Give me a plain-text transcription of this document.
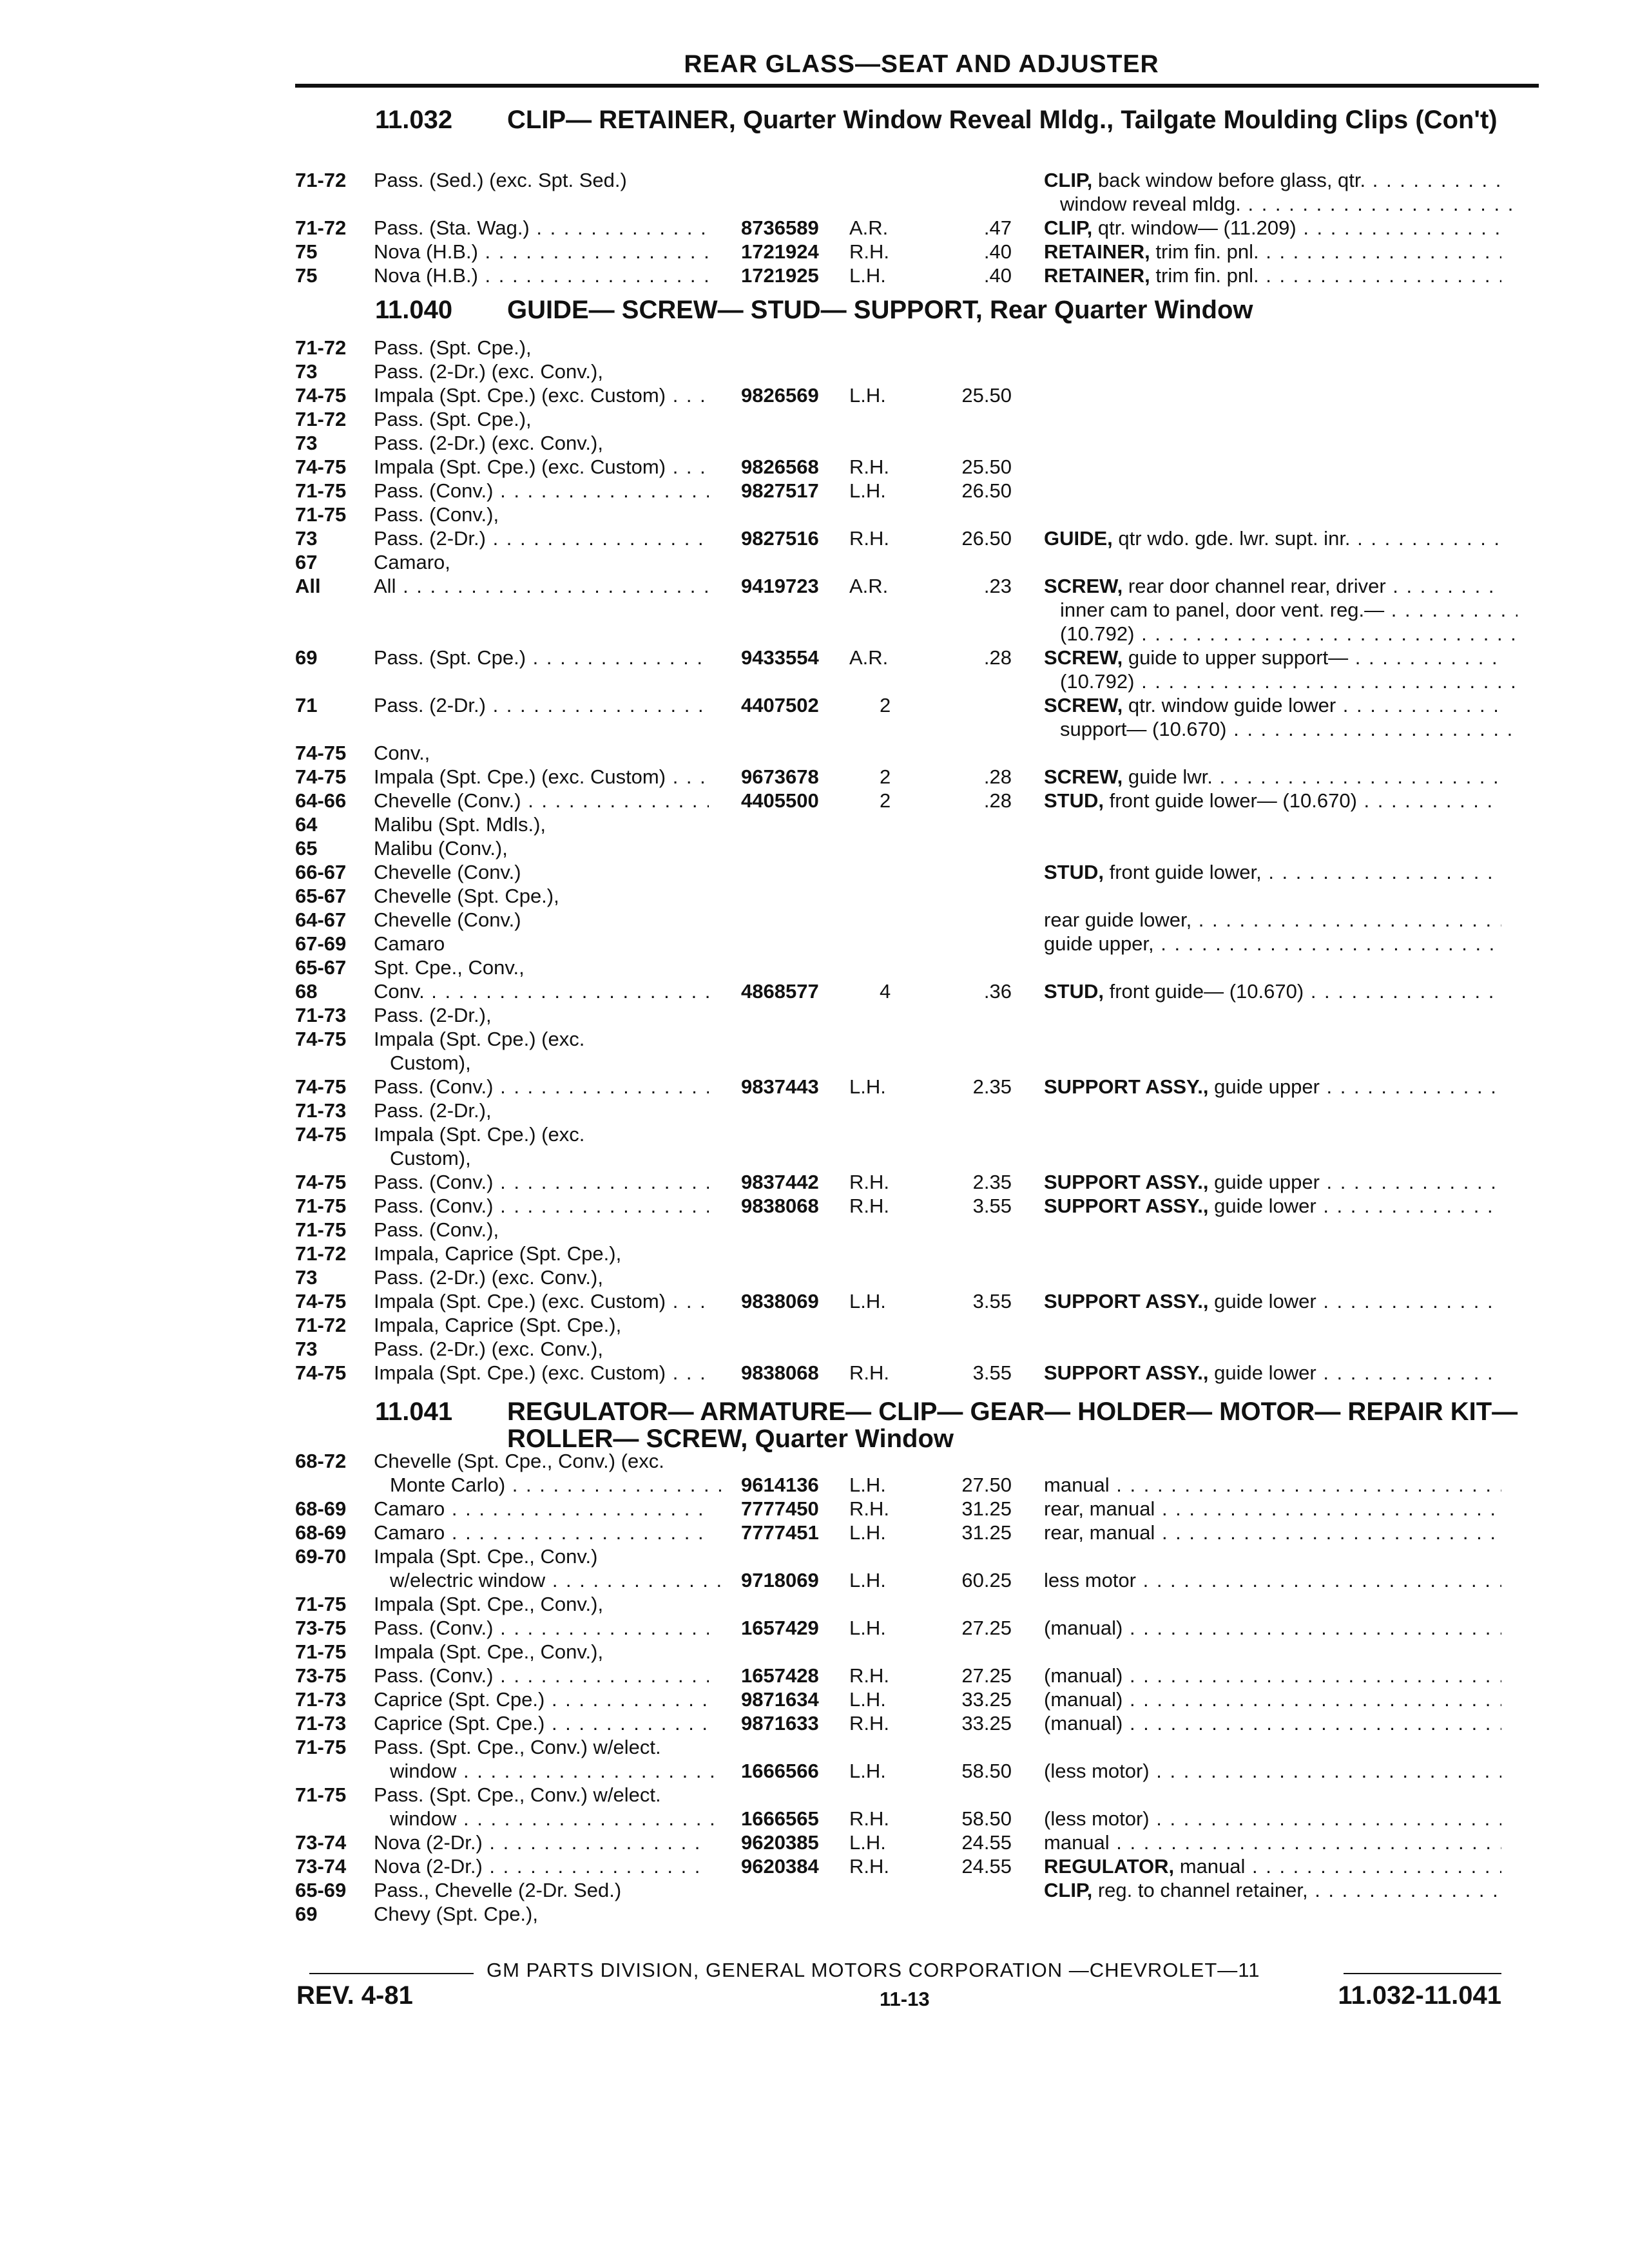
REAR GLASS—SEAT AND ADJUSTER
11.032 CLIP— RETAINER, Quarter Window Reveal Mldg., Tailgate Moulding Clips (Con't)
11.040 GUIDE— SCREW— STUD— SUPPORT, Rear Quarter Window
11.041 REGULATOR— ARMATURE— CLIP— GEAR— HOLDER— MOTOR— REPAIR KIT— ROLLER— SCREW, Quarter Window
71-72 Pass. (Sed.) (exc. Spt. Sed.)	CLIP, back window before glass, qtr. . . .
window reveal mldg. . . .
71-72 Pass. (Sta. Wag.) . . .	8736589 A.R.	.47 CLIP, qtr. window— (11.209) . . .
75	Nova (H.B.) . . .	1721924 R.H.	.40 RETAINER, trim fin. pnl. . . .
75	Nova (H.B.) . . .	1721925 L.H.	.40 RETAINER, trim fin. pnl. . . .
71-72 Pass. (Spt. Cpe.),
73	Pass. (2-Dr.) (exc. Conv.),
74-75 Impala (Spt. Cpe.) (exc. Custom) . . .	9826569 L.H.	25.50
71-72 Pass. (Spt. Cpe.),
73	Pass. (2-Dr.) (exc. Conv.),
74-75 Impala (Spt. Cpe.) (exc. Custom) . . .	9826568 R.H.	25.50
71-75 Pass. (Conv.) . . .	9827517 L.H.	26.50
71-75 Pass. (Conv.),
73	Pass. (2-Dr.) . . .	9827516 R.H.	26.50 GUIDE, qtr wdo. gde. lwr. supt. inr. . . .
67	Camaro,
All	All . . .	9419723 A.R.	.23 SCREW, rear door channel rear, driver . . .
inner cam to panel, door vent. reg.— . . .
(10.792) . . .
69	Pass. (Spt. Cpe.) . . .	9433554 A.R.	.28 SCREW, guide to upper support— . . .
(10.792) . . .
71	Pass. (2-Dr.) . . .	4407502	2	SCREW, qtr. window guide lower . . .
support— (10.670) . . .
74-75 Conv.,
74-75 Impala (Spt. Cpe.) (exc. Custom) . . .	9673678	2	.28 SCREW, guide lwr. . . .
64-66 Chevelle (Conv.) . . .	4405500	2	.28 STUD, front guide lower— (10.670) . . .
64	Malibu (Spt. Mdls.),
65	Malibu (Conv.),
66-67 Chevelle (Conv.)	STUD, front guide lower, . . .
65-67 Chevelle (Spt. Cpe.),
64-67 Chevelle (Conv.)	rear guide lower, . . .
67-69 Camaro	guide upper, . . .
65-67 Spt. Cpe., Conv.,
68	Conv. . . .	4868577	4	.36 STUD, front guide— (10.670) . . .
71-73 Pass. (2-Dr.),
74-75 Impala (Spt. Cpe.) (exc.
Custom),
74-75 Pass. (Conv.) . . .	9837443 L.H.	2.35 SUPPORT ASSY., guide upper . . .
71-73 Pass. (2-Dr.),
74-75 Impala (Spt. Cpe.) (exc.
Custom),
74-75 Pass. (Conv.) . . .	9837442 R.H.	2.35 SUPPORT ASSY., guide upper . . .
71-75 Pass. (Conv.) . . .	9838068 R.H.	3.55 SUPPORT ASSY., guide lower . . .
71-75 Pass. (Conv.),
71-72 Impala, Caprice (Spt. Cpe.),
73	Pass. (2-Dr.) (exc. Conv.),
74-75 Impala (Spt. Cpe.) (exc. Custom) . . .	9838069 L.H.	3.55 SUPPORT ASSY., guide lower . . .
71-72 Impala, Caprice (Spt. Cpe.),
73	Pass. (2-Dr.) (exc. Conv.),
74-75 Impala (Spt. Cpe.) (exc. Custom) . . .	9838068 R.H.	3.55 SUPPORT ASSY., guide lower . . .
68-72 Chevelle (Spt. Cpe., Conv.) (exc.
Monte Carlo) . . .	9614136 L.H.	27.50 manual . . .
68-69 Camaro . . .	7777450 R.H.	31.25 rear, manual . . .
68-69 Camaro . . .	7777451 L.H.	31.25 rear, manual . . .
69-70 Impala (Spt. Cpe., Conv.)
w/electric window . . .	9718069 L.H.	60.25 less motor . . .
71-75 Impala (Spt. Cpe., Conv.),
73-75 Pass. (Conv.) . . .	1657429 L.H.	27.25 (manual) . . .
71-75 Impala (Spt. Cpe., Conv.),
73-75 Pass. (Conv.) . . .	1657428 R.H.	27.25 (manual) . . .
71-73 Caprice (Spt. Cpe.) . . .	9871634 L.H.	33.25 (manual) . . .
71-73 Caprice (Spt. Cpe.) . . .	9871633 R.H.	33.25 (manual) . . .
71-75 Pass. (Spt. Cpe., Conv.) w/elect.
window . . .	1666566 L.H.	58.50 (less motor) . . .
71-75 Pass. (Spt. Cpe., Conv.) w/elect.
window . . .	1666565 R.H.	58.50 (less motor) . . .
73-74 Nova (2-Dr.) . . .	9620385 L.H.	24.55 manual . . .
73-74 Nova (2-Dr.) . . .	9620384 R.H.	24.55 REGULATOR, manual . . .
65-69 Pass., Chevelle (2-Dr. Sed.)	CLIP, reg. to channel retainer, . . .
69	Chevy (Spt. Cpe.),
GM PARTS DIVISION, GENERAL MOTORS CORPORATION —CHEVROLET—11
REV. 4-81	11-13	11.032-11.041
